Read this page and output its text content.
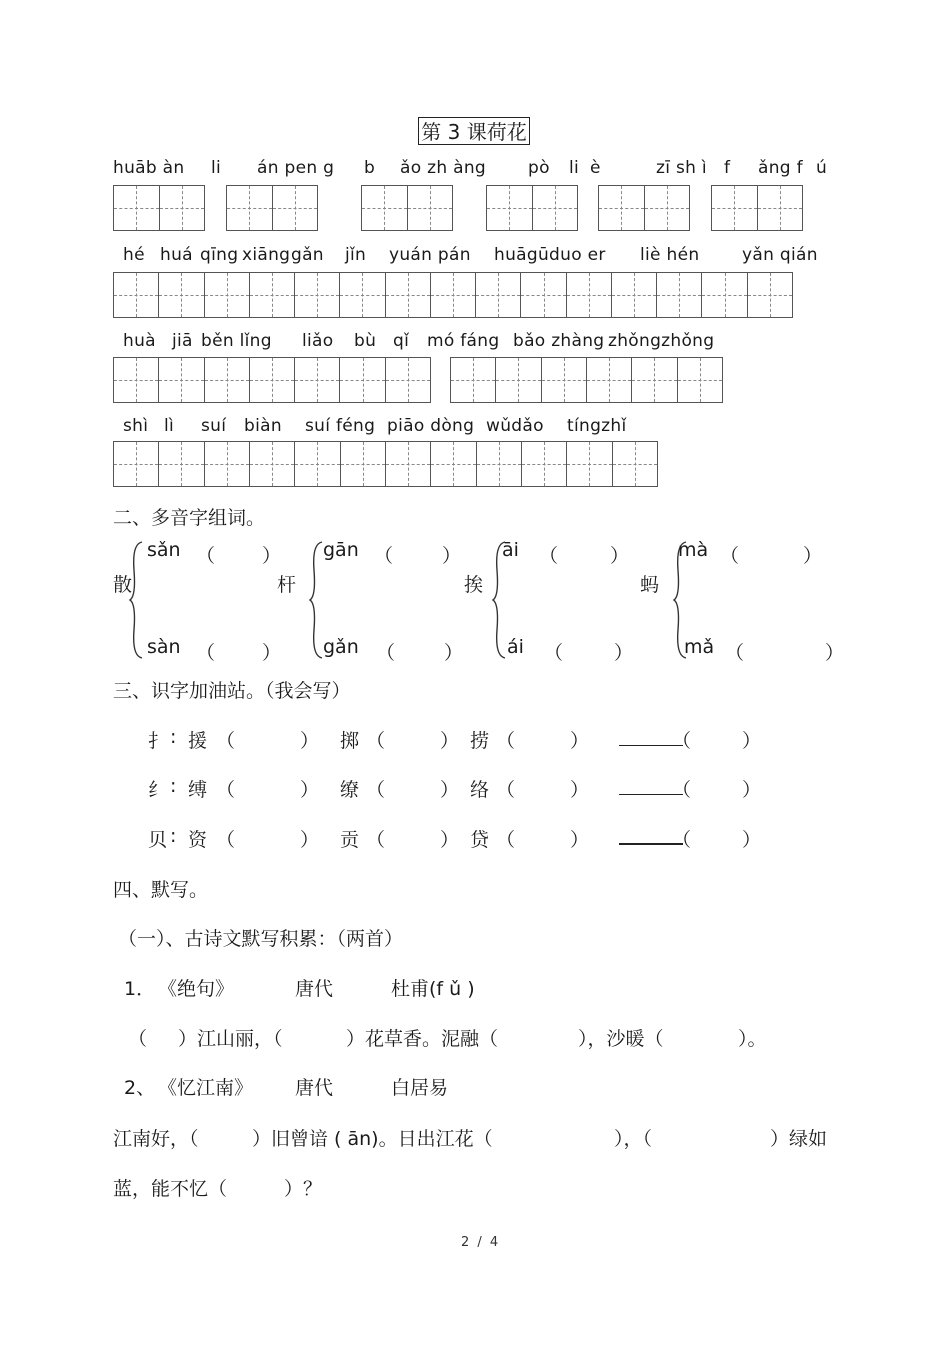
第 3 课荷花
huāb àn li án pen g b ǎo zh àng pò li è	zī sh ì f ǎng f ú
hé huá qīng xiāng gǎn jǐn yuán pán huāgūduo er liè hén	yǎn qián
huà jiā běn lǐng liǎo bù qǐ mó fáng bǎo zhàng zhǒngzhǒng
shì lì suí biàn suí féng piāo dòng wǔdǎo tíngzhǐ
二、多音字组词。
散
sǎn （ ）
sàn （ ）
杆
gān （	）
gǎn （	）
挨
āi （	）
ái （	）
蚂
mà （	）
mǎ （	）
三、识字加油站。（我会写）
扌 : 援 （	） 掷 （	） 捞 （	）	（	）
纟 : 缚 （	） 缭 （	） 络 （	）	（	）
贝 : 资 （	） 贡 （	） 贷 （	）	（	）
四、默写。
（一）、古诗文默写积累：（两首）
1． 《绝句》	唐代	杜甫(f ǔ )
（ ）江山丽，（	）花草香。泥融（	），沙暖（	）。
2、 《忆江南》 唐代	白居易
江南好，（	）旧曾谙 ( ān)。日出江花（	），（	）绿如
蓝，能不忆（	）？
2 / 4
